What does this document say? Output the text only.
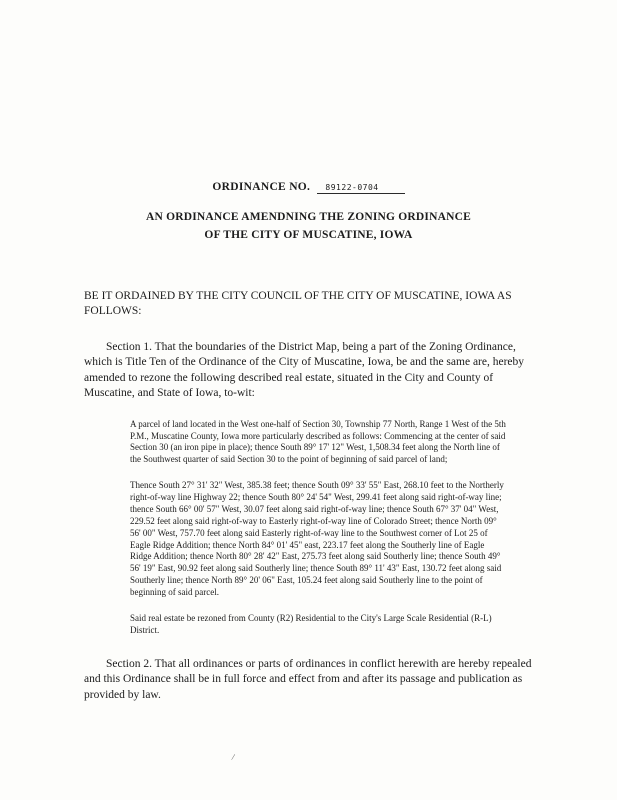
ORDINANCE NO. 89122-0704
AN ORDINANCE AMENDNING THE ZONING ORDINANCE
OF THE CITY OF MUSCATINE, IOWA
BE IT ORDAINED BY THE CITY COUNCIL OF THE CITY OF MUSCATINE, IOWA AS FOLLOWS:
Section 1. That the boundaries of the District Map, being a part of the Zoning Ordinance, which is Title Ten of the Ordinance of the City of Muscatine, Iowa, be and the same are, hereby amended to rezone the following described real estate, situated in the City and County of Muscatine, and State of Iowa, to-wit:
A parcel of land located in the West one-half of Section 30, Township 77 North, Range 1 West of the 5th P.M., Muscatine County, Iowa more particularly described as follows: Commencing at the center of said Section 30 (an iron pipe in place); thence South 89° 17' 12" West, 1,508.34 feet along the North line of the Southwest quarter of said Section 30 to the point of beginning of said parcel of land;
Thence South 27° 31' 32" West, 385.38 feet; thence South 09° 33' 55" East, 268.10 feet to the Northerly right-of-way line Highway 22; thence South 80° 24' 54" West, 299.41 feet along said right-of-way line; thence South 66° 00' 57" West, 30.07 feet along said right-of-way line; thence South 67° 37' 04" West, 229.52 feet along said right-of-way to Easterly right-of-way line of Colorado Street; thence North 09° 56' 00" West, 757.70 feet along said Easterly right-of-way line to the Southwest corner of Lot 25 of Eagle Ridge Addition; thence North 84° 01' 45" east, 223.17 feet along the Southerly line of Eagle Ridge Addition; thence North 80° 28' 42" East, 275.73 feet along said Southerly line; thence South 49° 56' 19" East, 90.92 feet along said Southerly line; thence South 89° 11' 43" East, 130.72 feet along said Southerly line; thence North 89° 20' 06" East, 105.24 feet along said Southerly line to the point of beginning of said parcel.
Said real estate be rezoned from County (R2) Residential to the City's Large Scale Residential (R-L) District.
Section 2. That all ordinances or parts of ordinances in conflict herewith are hereby repealed and this Ordinance shall be in full force and effect from and after its passage and publication as provided by law.
/
